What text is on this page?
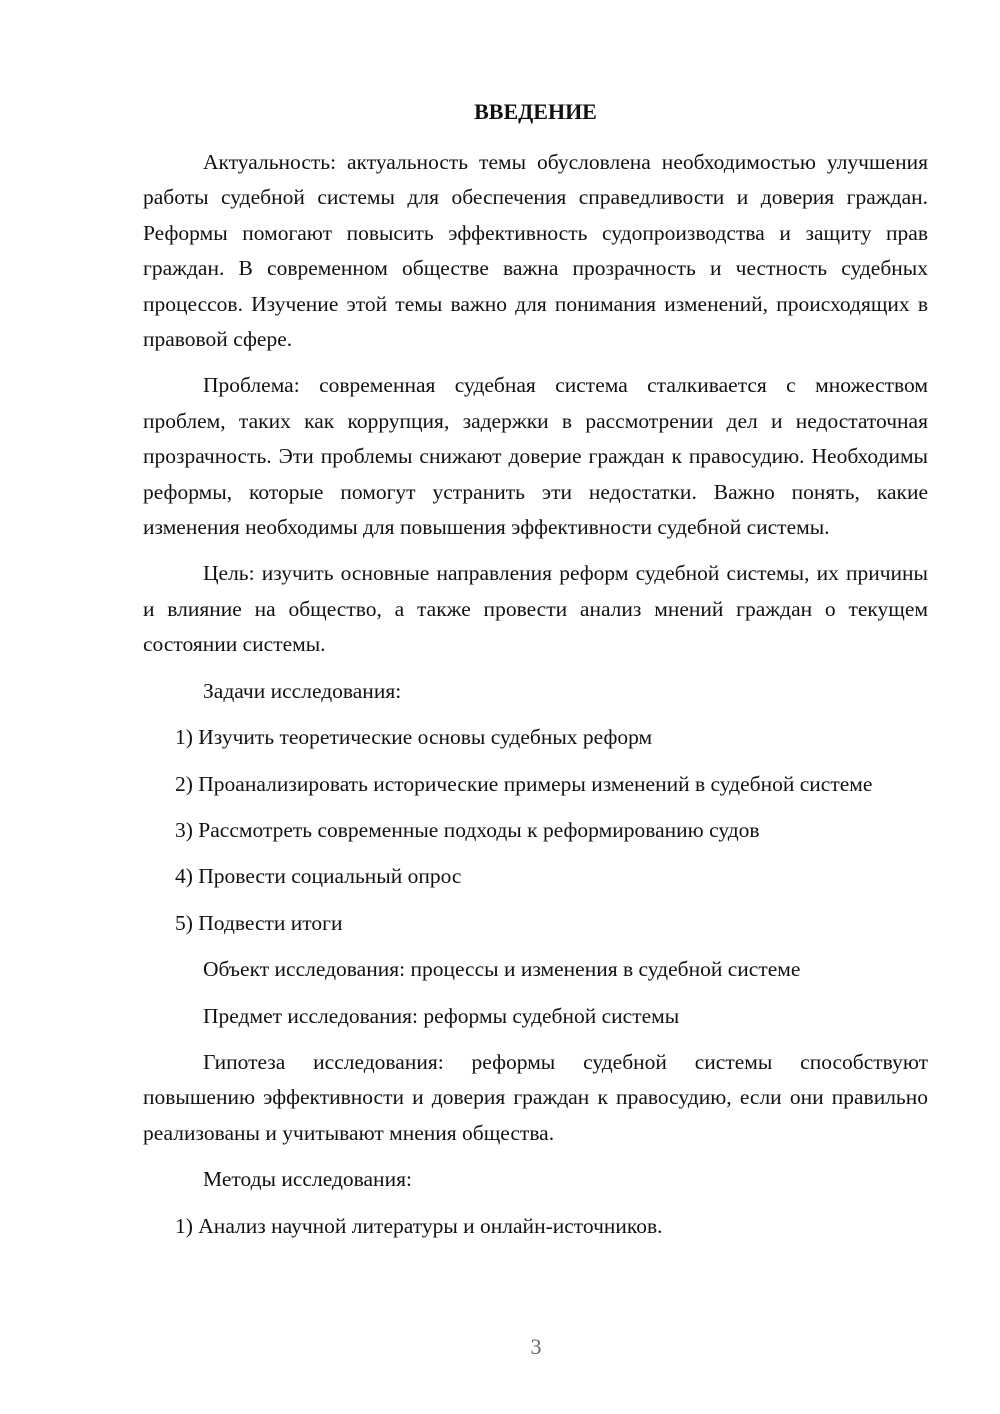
ВВЕДЕНИЕ

Актуальность: актуальность темы обусловлена необходимостью улучшения работы судебной системы для обеспечения справедливости и доверия граждан. Реформы помогают повысить эффективность судопроизводства и защиту прав граждан. В современном обществе важна прозрачность и честность судебных процессов. Изучение этой темы важно для понимания изменений, происходящих в правовой сфере.

Проблема: современная судебная система сталкивается с множеством проблем, таких как коррупция, задержки в рассмотрении дел и недостаточная прозрачность. Эти проблемы снижают доверие граждан к правосудию. Необходимы реформы, которые помогут устранить эти недостатки. Важно понять, какие изменения необходимы для повышения эффективности судебной системы.

Цель: изучить основные направления реформ судебной системы, их причины и влияние на общество, а также провести анализ мнений граждан о текущем состоянии системы.

Задачи исследования:

1) Изучить теоретические основы судебных реформ

2) Проанализировать исторические примеры изменений в судебной системе

3) Рассмотреть современные подходы к реформированию судов

4) Провести социальный опрос

5) Подвести итоги

Объект исследования: процессы и изменения в судебной системе

Предмет исследования: реформы судебной системы

Гипотеза исследования: реформы судебной системы способствуют повышению эффективности и доверия граждан к правосудию, если они правильно реализованы и учитывают мнения общества.

Методы исследования:

1) Анализ научной литературы и онлайн-источников.

3
